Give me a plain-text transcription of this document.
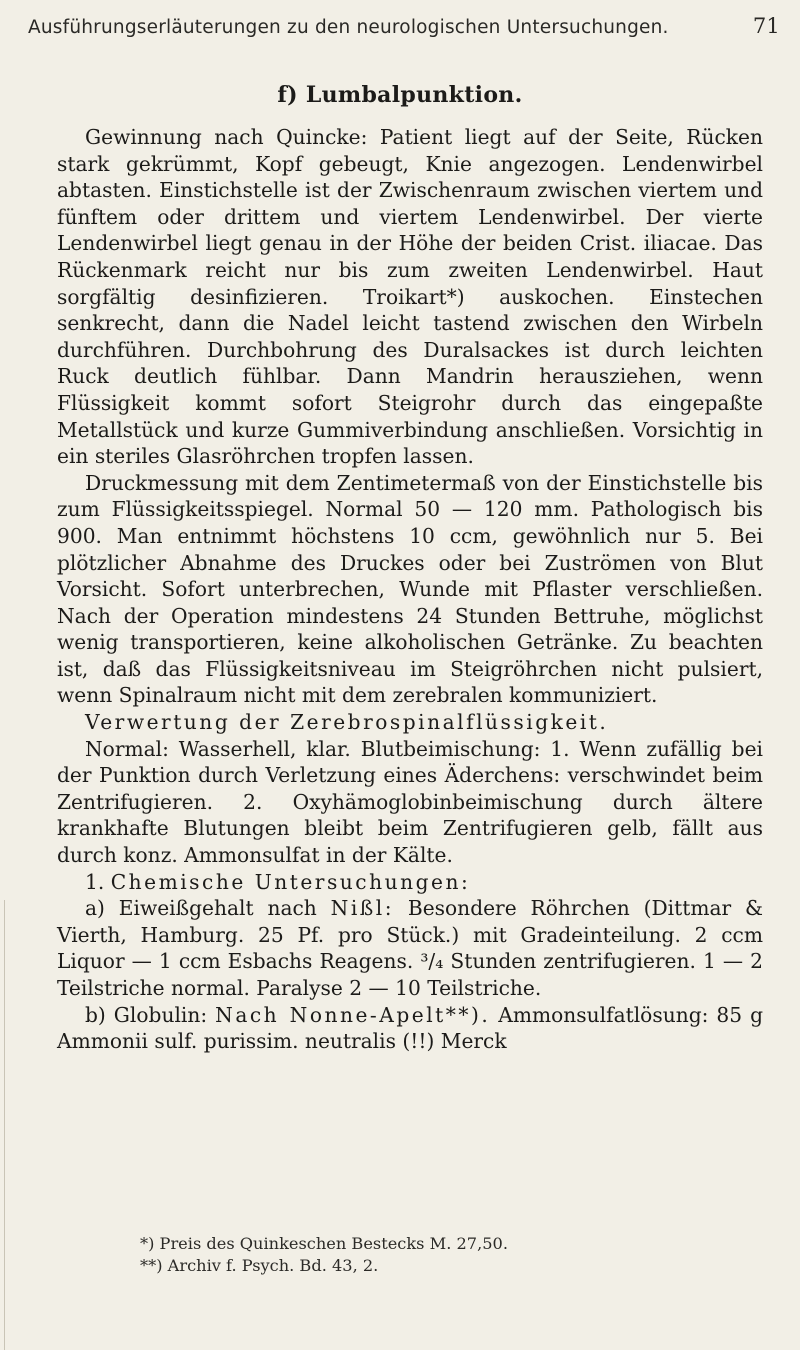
Ausführungserläuterungen zu den neurologischen Untersuchungen.	71
f) Lumbalpunktion.

Gewinnung nach Quincke: Patient liegt auf der Seite, Rücken stark gekrümmt, Kopf gebeugt, Knie angezogen. Lendenwirbel abtasten. Einstichstelle ist der Zwischenraum zwischen viertem und fünftem oder drittem und viertem Lendenwirbel. Der vierte Lendenwirbel liegt genau in der Höhe der beiden Crist. iliacae. Das Rückenmark reicht nur bis zum zweiten Lendenwirbel. Haut sorgfältig desinfizieren. Troikart*) auskochen. Einstechen senkrecht, dann die Nadel leicht tastend zwischen den Wirbeln durchführen. Durchbohrung des Duralsackes ist durch leichten Ruck deutlich fühlbar. Dann Mandrin herausziehen, wenn Flüssigkeit kommt sofort Steigrohr durch das eingepaßte Metallstück und kurze Gummiverbindung anschließen. Vorsichtig in ein steriles Glasröhrchen tropfen lassen.

Druckmessung mit dem Zentimetermaß von der Einstichstelle bis zum Flüssigkeitsspiegel. Normal 50 — 120 mm. Pathologisch bis 900. Man entnimmt höchstens 10 ccm, gewöhnlich nur 5. Bei plötzlicher Abnahme des Druckes oder bei Zuströmen von Blut Vorsicht. Sofort unterbrechen, Wunde mit Pflaster verschließen. Nach der Operation mindestens 24 Stunden Bettruhe, möglichst wenig transportieren, keine alkoholischen Getränke. Zu beachten ist, daß das Flüssigkeitsniveau im Steigröhrchen nicht pulsiert, wenn Spinalraum nicht mit dem zerebralen kommuniziert.

Verwertung der Zerebrospinalflüssigkeit.

Normal: Wasserhell, klar. Blutbeimischung: 1. Wenn zufällig bei der Punktion durch Verletzung eines Äderchens: verschwindet beim Zentrifugieren. 2. Oxyhämoglobinbeimischung durch ältere krankhafte Blutungen bleibt beim Zentrifugieren gelb, fällt aus durch konz. Ammonsulfat in der Kälte.

1. Chemische Untersuchungen:

a) Eiweißgehalt nach Nißl: Besondere Röhrchen (Dittmar & Vierth, Hamburg. 25 Pf. pro Stück.) mit Gradeinteilung. 2 ccm Liquor — 1 ccm Esbachs Reagens. ³/₄ Stunden zentrifugieren. 1 — 2 Teilstriche normal. Paralyse 2 — 10 Teilstriche.

b) Globulin: Nach Nonne-Apelt**). Ammonsulfatlösung: 85 g Ammonii sulf. purissim. neutralis (!!) Merck

*) Preis des Quinkeschen Bestecks M. 27,50.

**) Archiv f. Psych. Bd. 43, 2.
